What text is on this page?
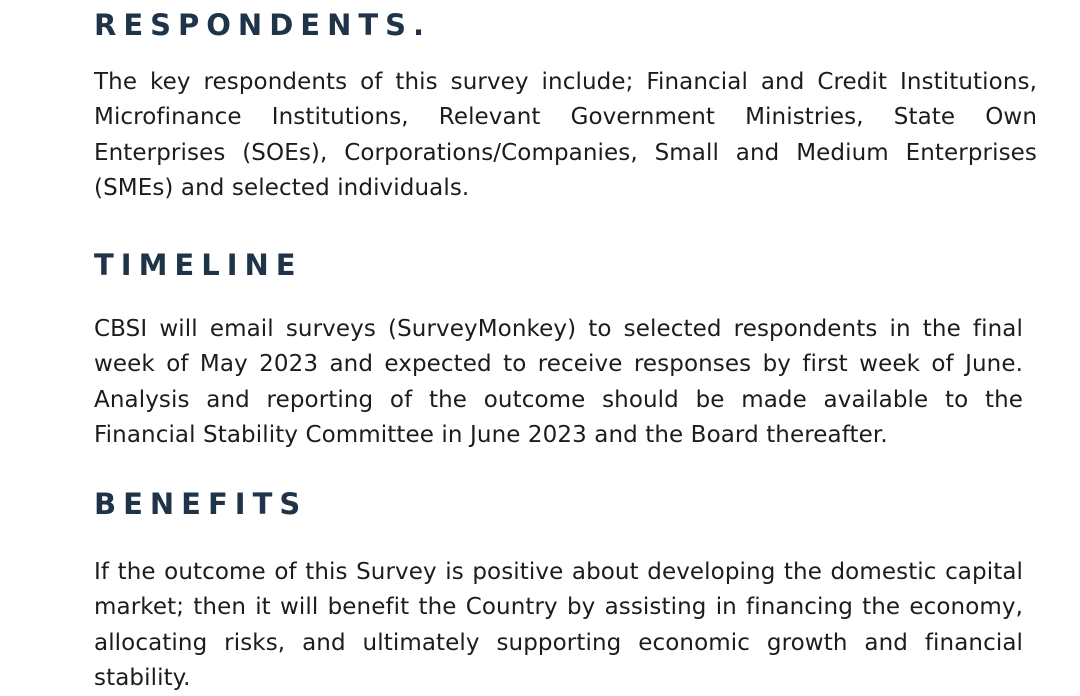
RESPONDENTS.

The key respondents of this survey include; Financial and Credit Institutions, Microfinance Institutions, Relevant Government Ministries, State Own Enterprises (SOEs), Corporations/Companies, Small and Medium Enterprises (SMEs) and selected individuals.

TIMELINE

CBSI will email surveys (SurveyMonkey) to selected respondents in the final week of May 2023 and expected to receive responses by first week of June. Analysis and reporting of the outcome should be made available to the Financial Stability Committee in June 2023 and the Board thereafter.

BENEFITS

If the outcome of this Survey is positive about developing the domestic capital market; then it will benefit the Country by assisting in financing the economy, allocating risks, and ultimately supporting economic growth and financial stability.
